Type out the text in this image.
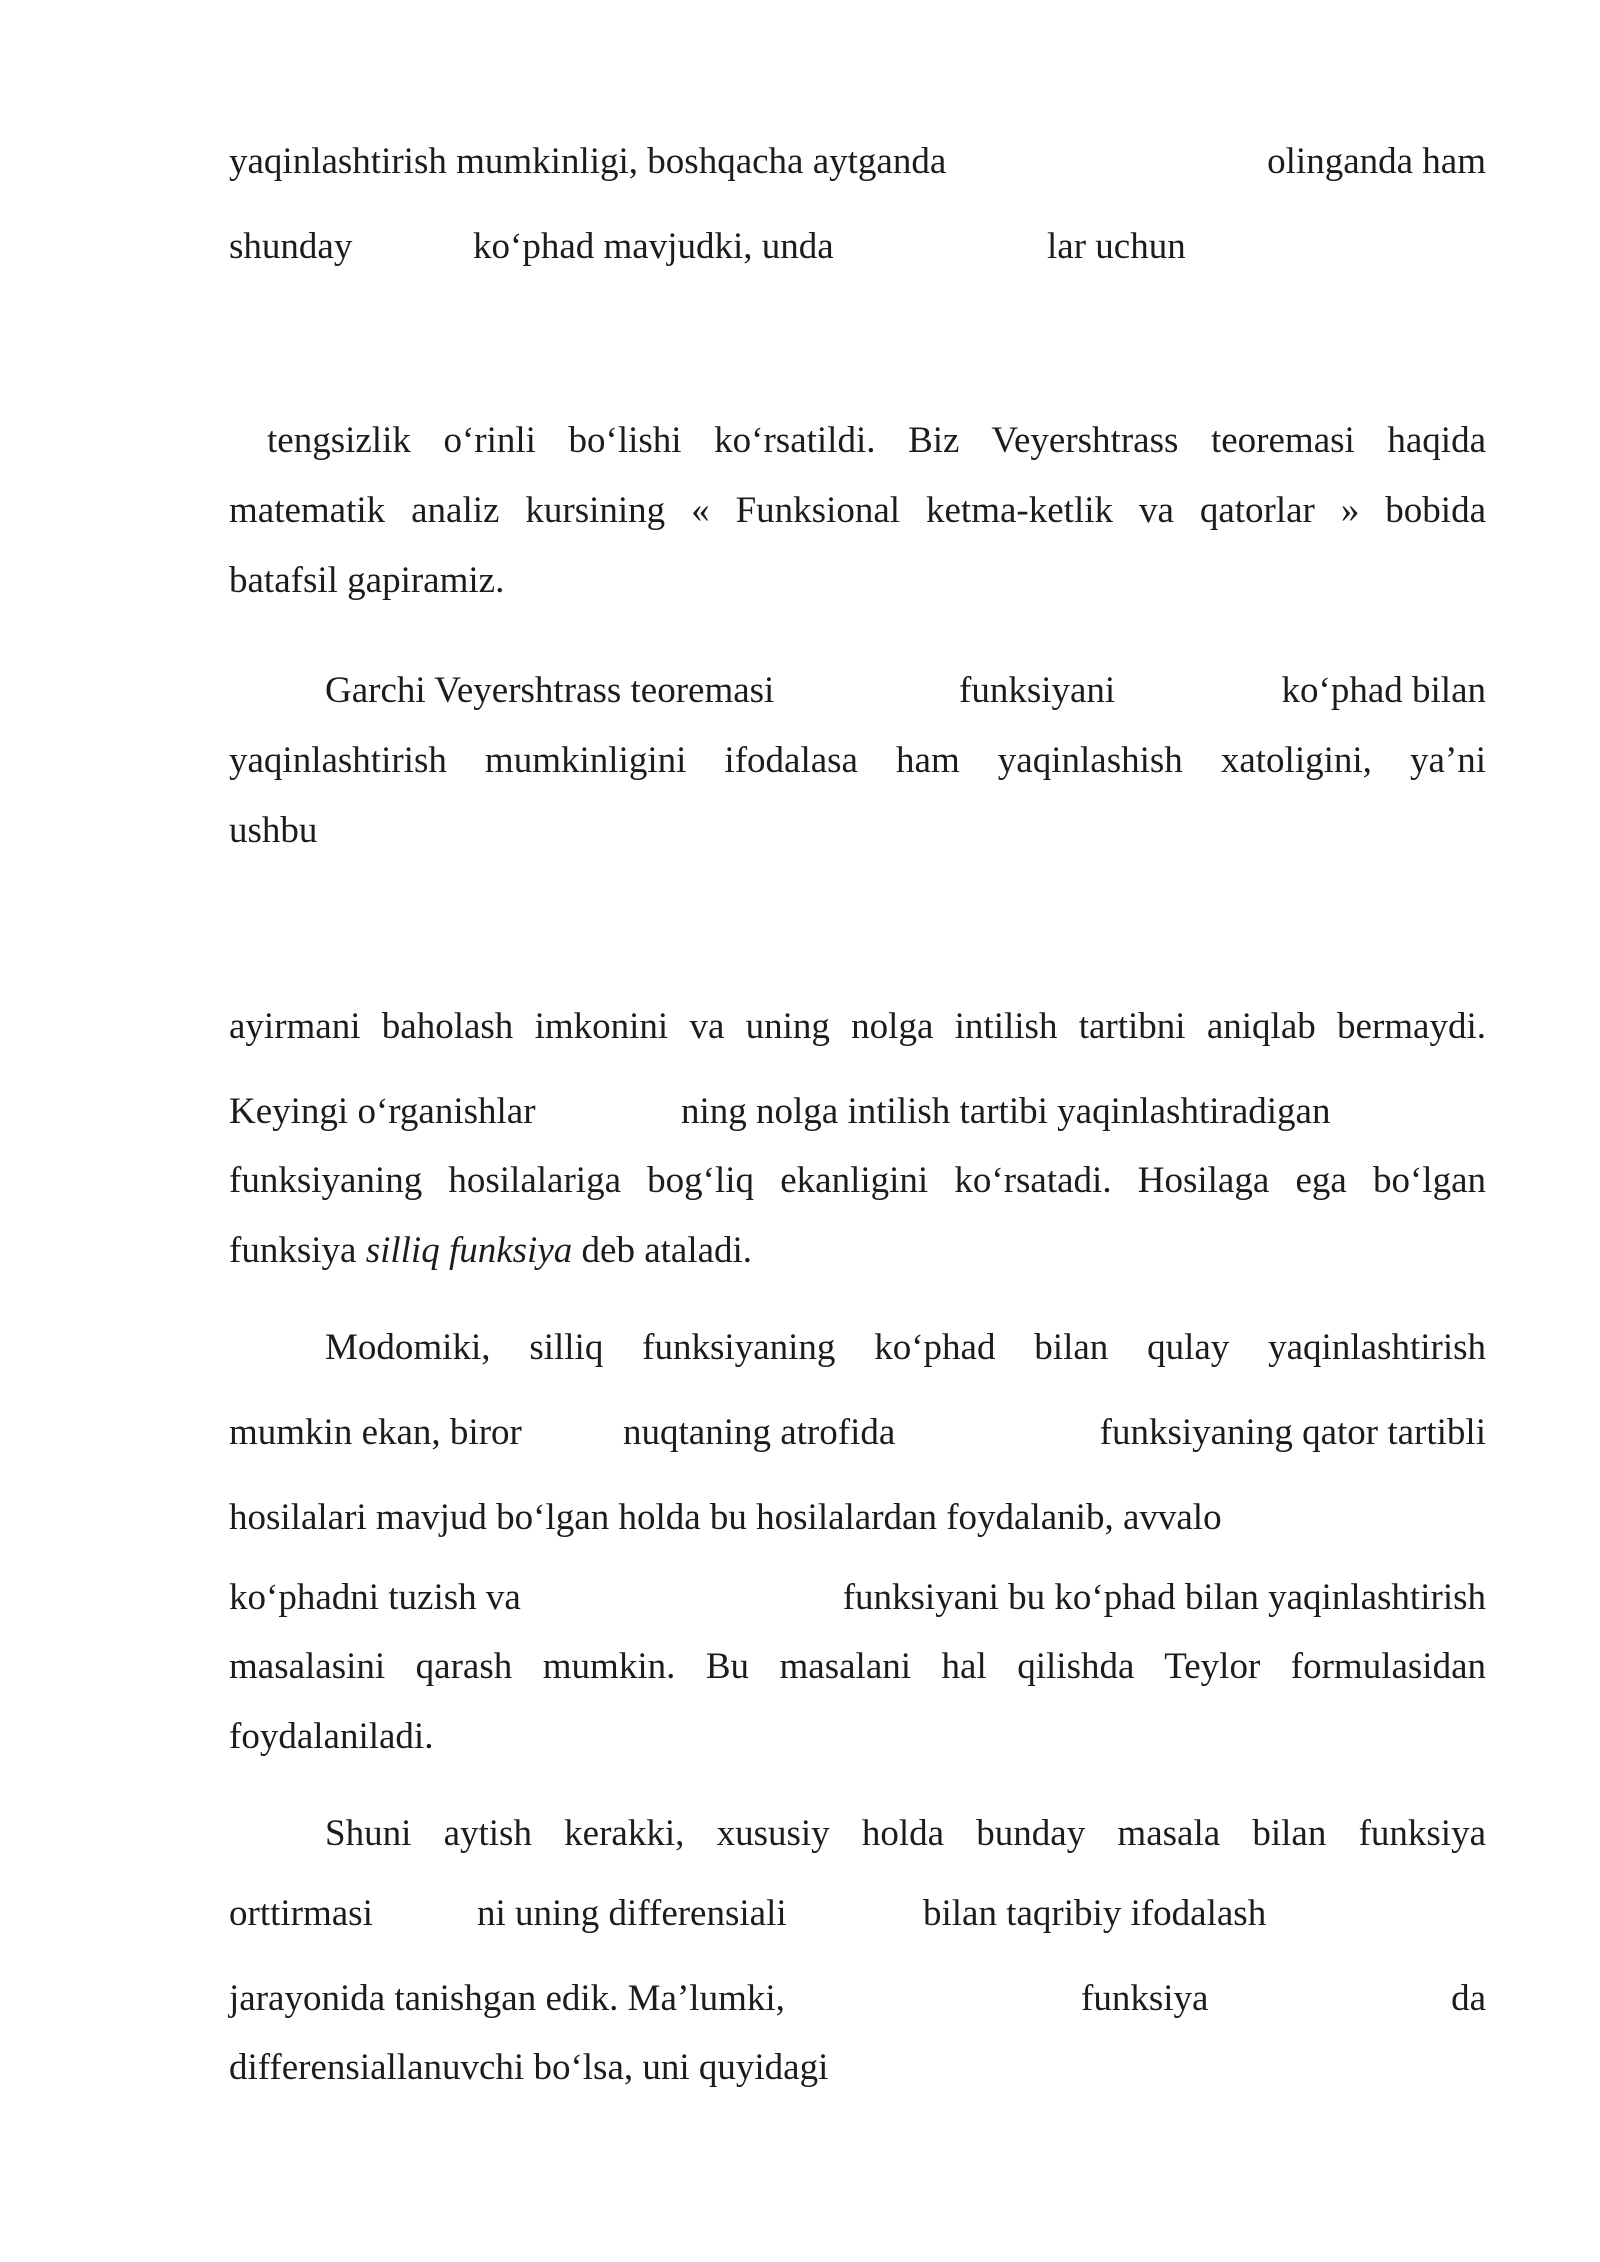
yaqinlashtirish mumkinligi, boshqacha aytganda	olinganda ham
shunday	ko‘phad mavjudki, unda	lar uchun
tengsizlik o‘rinli bo‘lishi ko‘rsatildi. Biz Veyershtrass teoremasi haqida
matematik analiz kursining « Funksional ketma-ketlik va qatorlar » bobida
batafsil gapiramiz.
Garchi Veyershtrass teoremasi	funksiyani	ko‘phad bilan
yaqinlashtirish mumkinligini ifodalasa ham yaqinlashish xatoligini, ya’ni
ushbu
ayirmani baholash imkonini va uning nolga intilish tartibni aniqlab bermaydi.
Keyingi o‘rganishlar	ning nolga intilish tartibi yaqinlashtiradigan
funksiyaning hosilalariga bog‘liq ekanligini ko‘rsatadi. Hosilaga ega bo‘lgan
funksiya silliq funksiya deb ataladi.
Modomiki, silliq funksiyaning ko‘phad bilan qulay yaqinlashtirish
mumkin ekan, biror	nuqtaning atrofida	funksiyaning qator tartibli
hosilalari mavjud bo‘lgan holda bu hosilalardan foydalanib, avvalo
ko‘phadni tuzish va	funksiyani bu ko‘phad bilan yaqinlashtirish
masalasini qarash mumkin. Bu masalani hal qilishda Teylor formulasidan
foydalaniladi.
Shuni aytish kerakki, xususiy holda bunday masala bilan funksiya
orttirmasi	ni uning differensiali	bilan taqribiy ifodalash
jarayonida tanishgan edik. Ma’lumki,	funksiya	da
differensiallanuvchi bo‘lsa, uni quyidagi
